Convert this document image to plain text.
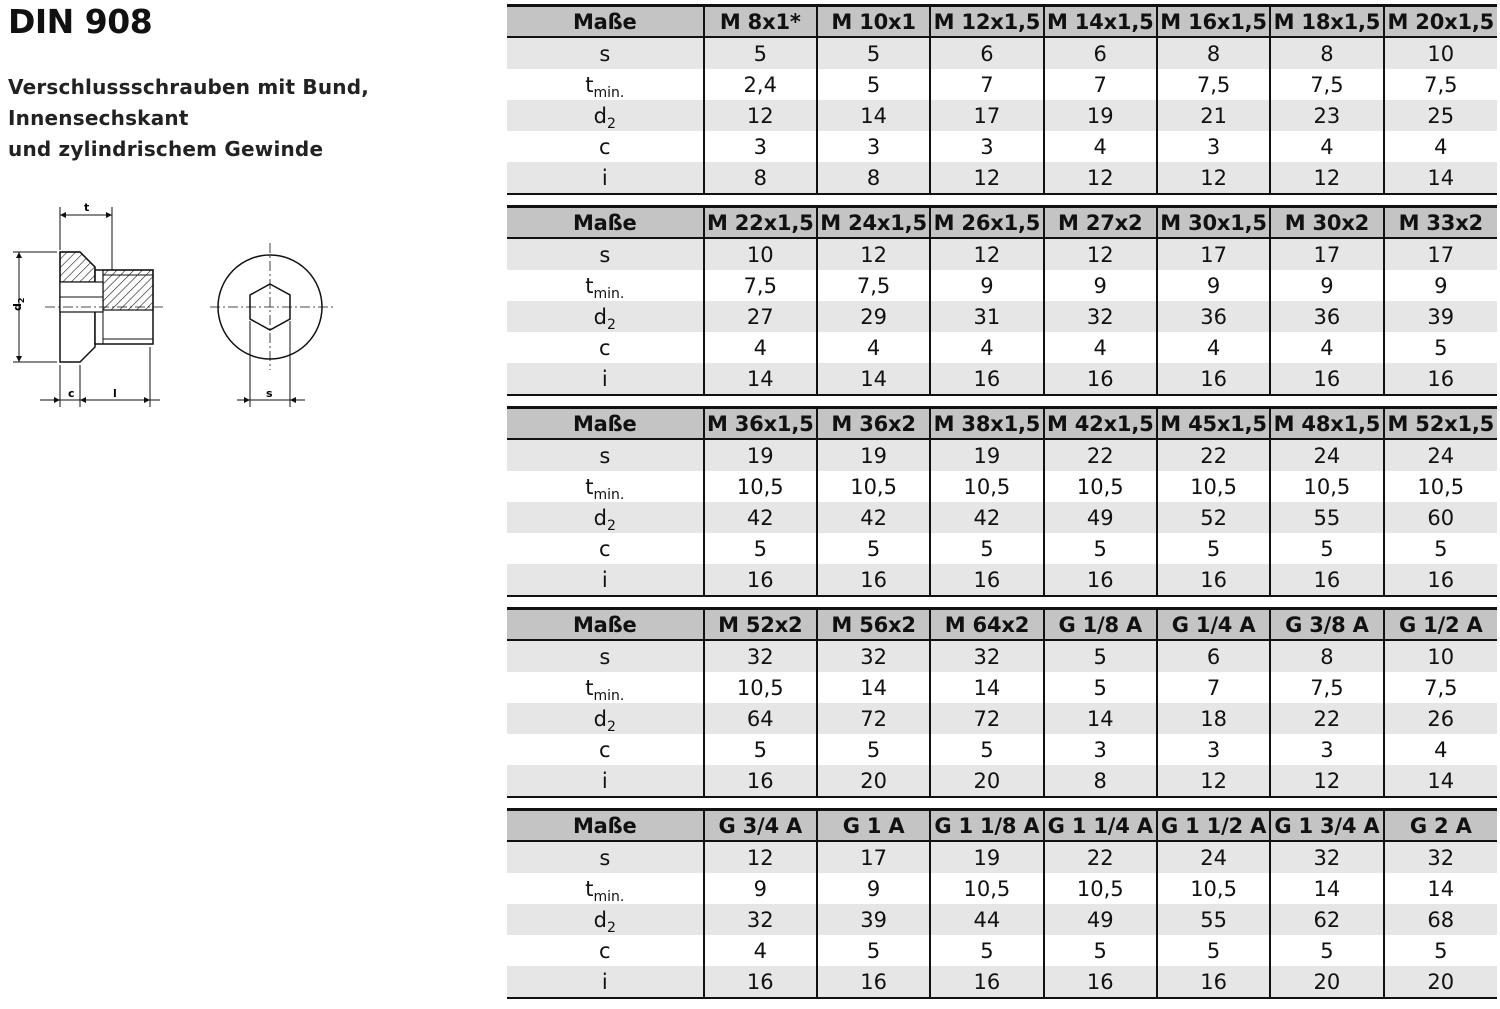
DIN 908
Verschlussschrauben mit Bund,
Innensechskant
und zylindrischem Gewinde
t
$d_2$
c	l	s
Maße	M 8x1*	M 10x1	M 12x1,5	M 14x1,5	M 16x1,5	M 18x1,5	M 20x1,5
s	5	5	6	6	8	8	10
$t_{min.}$	2,4	5	7	7	7,5	7,5	7,5
$d_2$	12	14	17	19	21	23	25
c	3	3	3	4	3	4	4
i	8	8	12	12	12	12	14
Maße	M 22x1,5	M 24x1,5	M 26x1,5	M 27x2	M 30x1,5	M 30x2	M 33x2
s	10	12	12	12	17	17	17
$t_{min.}$	7,5	7,5	9	9	9	9	9
$d_2$	27	29	31	32	36	36	39
c	4	4	4	4	4	4	5
i	14	14	16	16	16	16	16
Maße	M 36x1,5	M 36x2	M 38x1,5	M 42x1,5	M 45x1,5	M 48x1,5	M 52x1,5
s	19	19	19	22	22	24	24
$t_{min.}$	10,5	10,5	10,5	10,5	10,5	10,5	10,5
$d_2$	42	42	42	49	52	55	60
c	5	5	5	5	5	5	5
i	16	16	16	16	16	16	16
Maße	M 52x2	M 56x2	M 64x2	G 1/8 A	G 1/4 A	G 3/8 A	G 1/2 A
s	32	32	32	5	6	8	10
$t_{min.}$	10,5	14	14	5	7	7,5	7,5
$d_2$	64	72	72	14	18	22	26
c	5	5	5	3	3	3	4
i	16	20	20	8	12	12	14
Maße	G 3/4 A	G 1 A	G 1 1/8 A	G 1 1/4 A	G 1 1/2 A	G 1 3/4 A	G 2 A
s	12	17	19	22	24	32	32
$t_{min.}$	9	9	10,5	10,5	10,5	14	14
$d_2$	32	39	44	49	55	62	68
c	4	5	5	5	5	5	5
i	16	16	16	16	16	20	20
